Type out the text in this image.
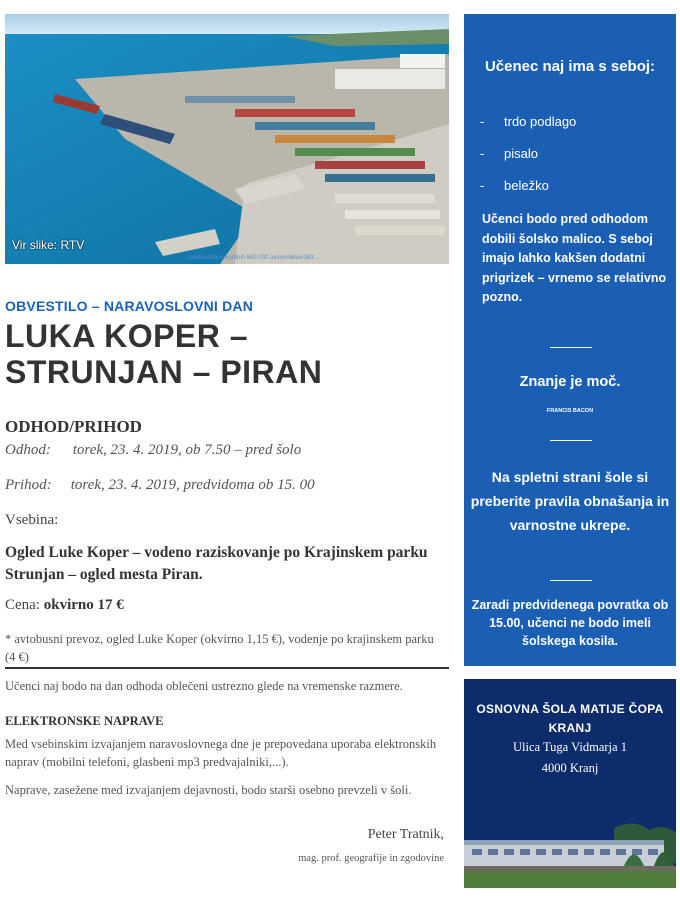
...pretovorila-rekordnih 600 000 avtomobilov/383...
Vir slike: RTV
OBVESTILO – NARAVOSLOVNI DAN
LUKA KOPER –
STRUNJAN – PIRAN
ODHOD/PRIHOD
Odhod: torek, 23. 4. 2019, ob 7.50 – pred šolo
Prihod: torek, 23. 4. 2019, predvidoma ob 15. 00
Vsebina:
Ogled Luke Koper – vodeno raziskovanje po Krajinskem parku Strunjan – ogled mesta Piran.
Cena: okvirno 17 €
* avtobusni prevoz, ogled Luke Koper (okvirno 1,15 €), vodenje po krajinskem parku (4 €)
Učenci naj bodo na dan odhoda oblečeni ustrezno glede na vremenske razmere.
ELEKTRONSKE NAPRAVE
Med vsebinskim izvajanjem naravoslovnega dne je prepovedana uporaba elektronskih naprav (mobilni telefoni, glasbeni mp3 predvajalniki,...).
Naprave, zasežene med izvajanjem dejavnosti, bodo starši osebno prevzeli v šoli.
Peter Tratnik,
mag. prof. geografije in zgodovine
Učenec naj ima s seboj:
- trdo podlago
- pisalo
- beležko
Učenci bodo pred odhodom dobili šolsko malico. S seboj imajo lahko kakšen dodatni prigrizek – vrnemo se relativno pozno.
Znanje je moč.
FRANCIS BACON
Na spletni strani šole si preberite pravila obnašanja in varnostne ukrepe.
Zaradi predvidenega povratka ob 15.00, učenci ne bodo imeli šolskega kosila.
OSNOVNA ŠOLA MATIJE ČOPA KRANJ
Ulica Tuga Vidmarja 1
4000 Kranj
